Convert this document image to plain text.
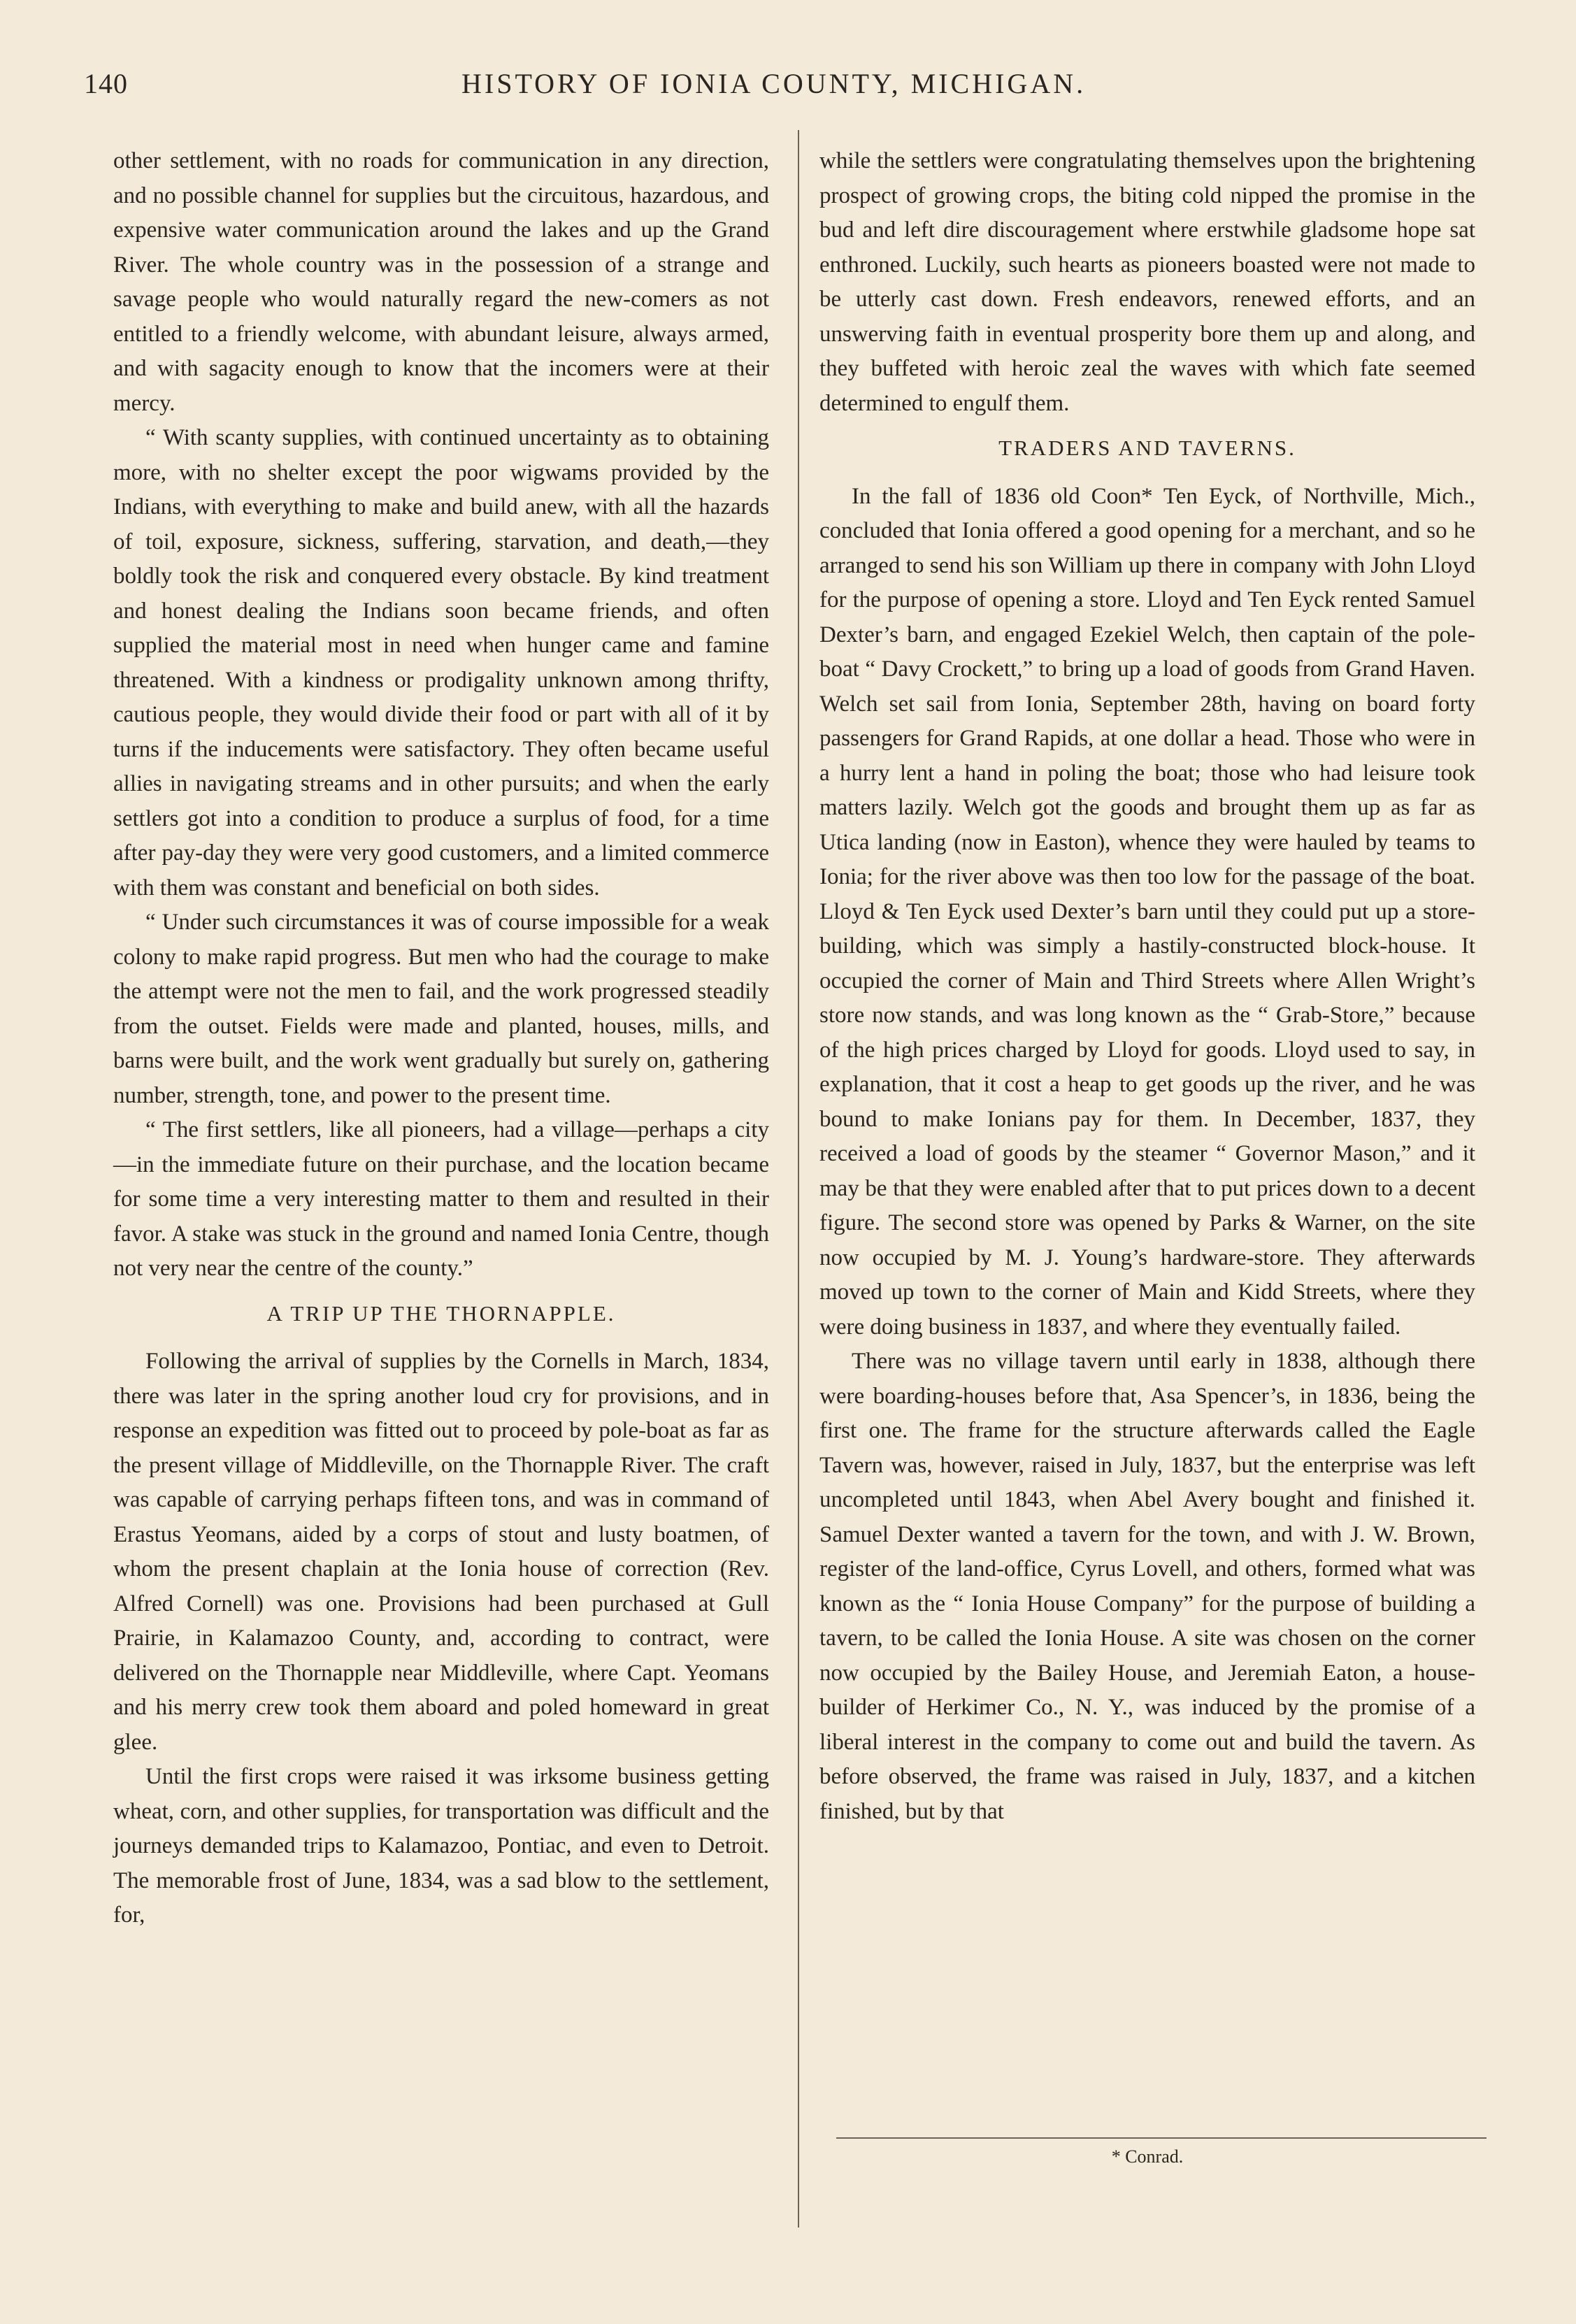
140	HISTORY OF IONIA COUNTY, MICHIGAN.

other settlement, with no roads for communication in any direction, and no possible channel for supplies but the circuitous, hazardous, and expensive water communication around the lakes and up the Grand River. The whole country was in the possession of a strange and savage people who would naturally regard the new-comers as not entitled to a friendly welcome, with abundant leisure, always armed, and with sagacity enough to know that the incomers were at their mercy.

“ With scanty supplies, with continued uncertainty as to obtaining more, with no shelter except the poor wigwams provided by the Indians, with everything to make and build anew, with all the hazards of toil, exposure, sickness, suffering, starvation, and death,—they boldly took the risk and conquered every obstacle. By kind treatment and honest dealing the Indians soon became friends, and often supplied the material most in need when hunger came and famine threatened. With a kindness or prodigality unknown among thrifty, cautious people, they would divide their food or part with all of it by turns if the inducements were satisfactory. They often became useful allies in navigating streams and in other pursuits; and when the early settlers got into a condition to produce a surplus of food, for a time after pay-day they were very good customers, and a limited commerce with them was constant and beneficial on both sides.

“ Under such circumstances it was of course impossible for a weak colony to make rapid progress. But men who had the courage to make the attempt were not the men to fail, and the work progressed steadily from the outset. Fields were made and planted, houses, mills, and barns were built, and the work went gradually but surely on, gathering number, strength, tone, and power to the present time.

“ The first settlers, like all pioneers, had a village—perhaps a city—in the immediate future on their purchase, and the location became for some time a very interesting matter to them and resulted in their favor. A stake was stuck in the ground and named Ionia Centre, though not very near the centre of the county.”

A TRIP UP THE THORNAPPLE.

Following the arrival of supplies by the Cornells in March, 1834, there was later in the spring another loud cry for provisions, and in response an expedition was fitted out to proceed by pole-boat as far as the present village of Middleville, on the Thornapple River. The craft was capable of carrying perhaps fifteen tons, and was in command of Erastus Yeomans, aided by a corps of stout and lusty boatmen, of whom the present chaplain at the Ionia house of correction (Rev. Alfred Cornell) was one. Provisions had been purchased at Gull Prairie, in Kalamazoo County, and, according to contract, were delivered on the Thornapple near Middleville, where Capt. Yeomans and his merry crew took them aboard and poled homeward in great glee.

Until the first crops were raised it was irksome business getting wheat, corn, and other supplies, for transportation was difficult and the journeys demanded trips to Kalamazoo, Pontiac, and even to Detroit. The memorable frost of June, 1834, was a sad blow to the settlement, for,

while the settlers were congratulating themselves upon the brightening prospect of growing crops, the biting cold nipped the promise in the bud and left dire discouragement where erstwhile gladsome hope sat enthroned. Luckily, such hearts as pioneers boasted were not made to be utterly cast down. Fresh endeavors, renewed efforts, and an unswerving faith in eventual prosperity bore them up and along, and they buffeted with heroic zeal the waves with which fate seemed determined to engulf them.

TRADERS AND TAVERNS.

In the fall of 1836 old Coon* Ten Eyck, of Northville, Mich., concluded that Ionia offered a good opening for a merchant, and so he arranged to send his son William up there in company with John Lloyd for the purpose of opening a store. Lloyd and Ten Eyck rented Samuel Dexter’s barn, and engaged Ezekiel Welch, then captain of the pole-boat “ Davy Crockett,” to bring up a load of goods from Grand Haven. Welch set sail from Ionia, September 28th, having on board forty passengers for Grand Rapids, at one dollar a head. Those who were in a hurry lent a hand in poling the boat; those who had leisure took matters lazily. Welch got the goods and brought them up as far as Utica landing (now in Easton), whence they were hauled by teams to Ionia; for the river above was then too low for the passage of the boat. Lloyd & Ten Eyck used Dexter’s barn until they could put up a store-building, which was simply a hastily-constructed block-house. It occupied the corner of Main and Third Streets where Allen Wright’s store now stands, and was long known as the “ Grab-Store,” because of the high prices charged by Lloyd for goods. Lloyd used to say, in explanation, that it cost a heap to get goods up the river, and he was bound to make Ionians pay for them. In December, 1837, they received a load of goods by the steamer “ Governor Mason,” and it may be that they were enabled after that to put prices down to a decent figure. The second store was opened by Parks & Warner, on the site now occupied by M. J. Young’s hardware-store. They afterwards moved up town to the corner of Main and Kidd Streets, where they were doing business in 1837, and where they eventually failed.

There was no village tavern until early in 1838, although there were boarding-houses before that, Asa Spencer’s, in 1836, being the first one. The frame for the structure afterwards called the Eagle Tavern was, however, raised in July, 1837, but the enterprise was left uncompleted until 1843, when Abel Avery bought and finished it. Samuel Dexter wanted a tavern for the town, and with J. W. Brown, register of the land-office, Cyrus Lovell, and others, formed what was known as the “ Ionia House Company” for the purpose of building a tavern, to be called the Ionia House. A site was chosen on the corner now occupied by the Bailey House, and Jeremiah Eaton, a house-builder of Herkimer Co., N. Y., was induced by the promise of a liberal interest in the company to come out and build the tavern. As before observed, the frame was raised in July, 1837, and a kitchen finished, but by that

* Conrad.
